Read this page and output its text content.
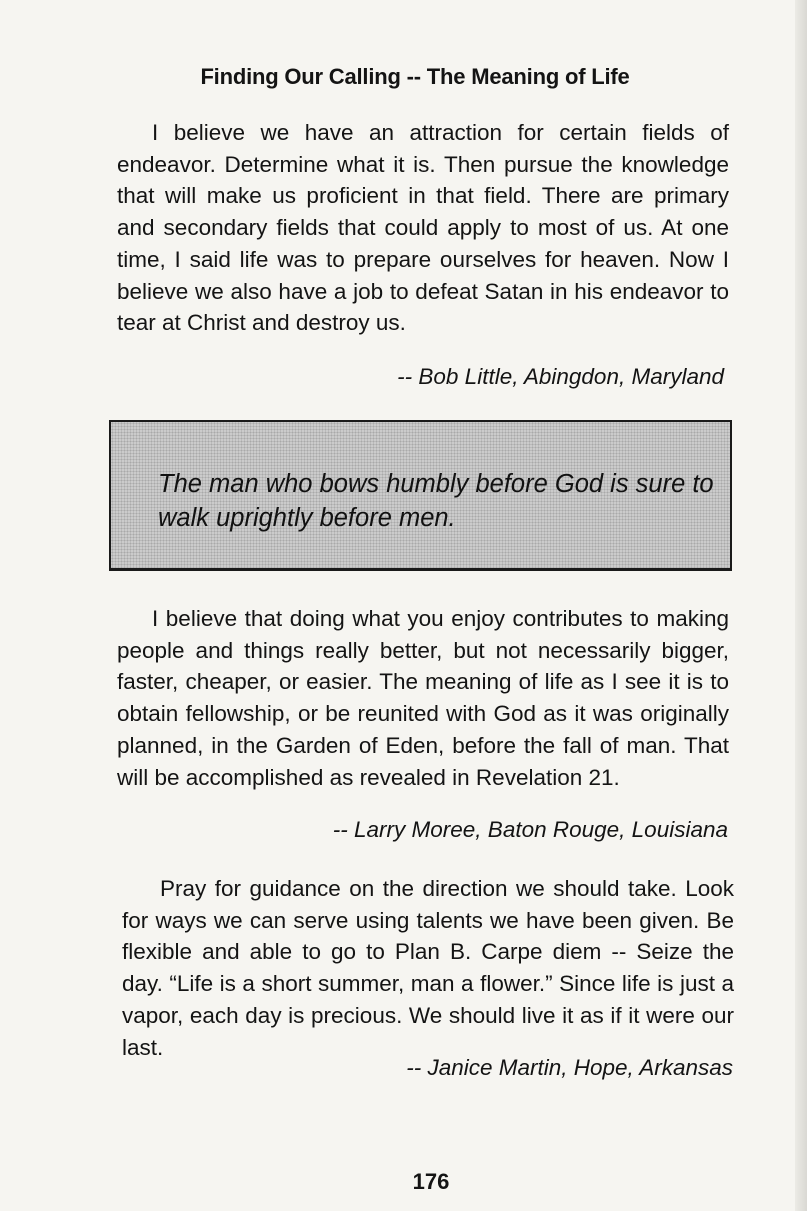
Finding Our Calling -- The Meaning of Life

I believe we have an attraction for certain fields of endeavor. Determine what it is. Then pursue the knowledge that will make us proficient in that field. There are primary and secondary fields that could apply to most of us. At one time, I said life was to prepare ourselves for heaven. Now I believe we also have a job to defeat Satan in his endeavor to tear at Christ and destroy us.

-- Bob Little, Abingdon, Maryland

The man who bows humbly before God is sure to walk uprightly before men.

I believe that doing what you enjoy contributes to making people and things really better, but not necessarily bigger, faster, cheaper, or easier. The meaning of life as I see it is to obtain fellowship, or be reunited with God as it was originally planned, in the Garden of Eden, before the fall of man. That will be accomplished as revealed in Revelation 21.

-- Larry Moree, Baton Rouge, Louisiana

Pray for guidance on the direction we should take. Look for ways we can serve using talents we have been given. Be flexible and able to go to Plan B. Carpe diem -- Seize the day. “Life is a short summer, man a flower.” Since life is just a vapor, each day is precious. We should live it as if it were our last.

-- Janice Martin, Hope, Arkansas
176
